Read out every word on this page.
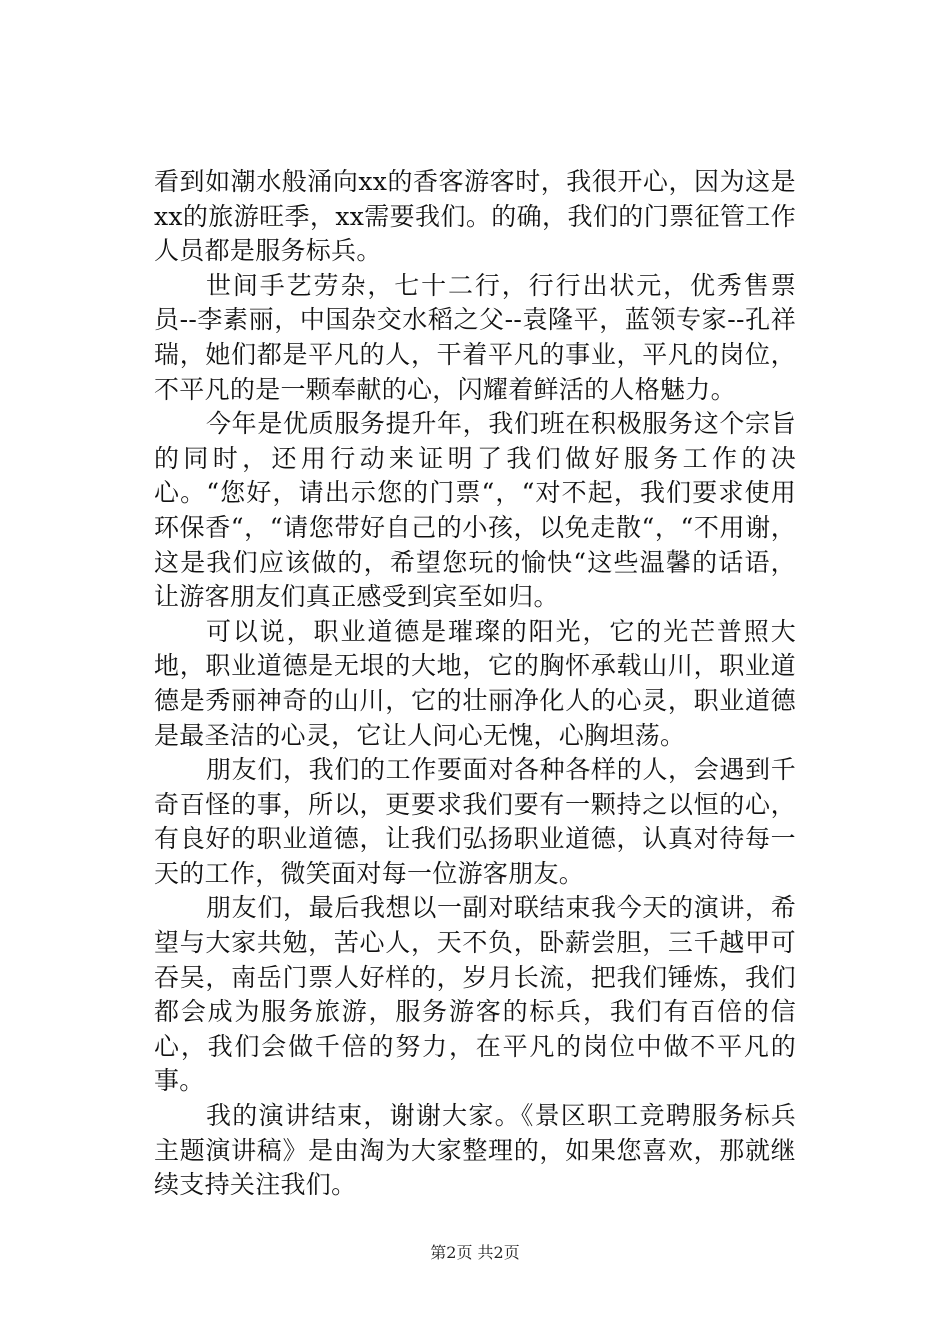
看到如潮水般涌向xx的香客游客时，我很开心，因为这是xx的旅游旺季，xx需要我们。的确，我们的门票征管工作人员都是服务标兵。

世间手艺劳杂，七十二行，行行出状元，优秀售票员--李素丽，中国杂交水稻之父--袁隆平，蓝领专家--孔祥瑞，她们都是平凡的人，干着平凡的事业，平凡的岗位，不平凡的是一颗奉献的心，闪耀着鲜活的人格魅力。

今年是优质服务提升年，我们班在积极服务这个宗旨的同时，还用行动来证明了我们做好服务工作的决心。“您好，请出示您的门票“，“对不起，我们要求使用环保香“，“请您带好自己的小孩，以免走散“，“不用谢，这是我们应该做的，希望您玩的愉快“这些温馨的话语，让游客朋友们真正感受到宾至如归。

可以说，职业道德是璀璨的阳光，它的光芒普照大地，职业道德是无垠的大地，它的胸怀承载山川，职业道德是秀丽神奇的山川，它的壮丽净化人的心灵，职业道德是最圣洁的心灵，它让人问心无愧，心胸坦荡。

朋友们，我们的工作要面对各种各样的人，会遇到千奇百怪的事，所以，更要求我们要有一颗持之以恒的心，有良好的职业道德，让我们弘扬职业道德，认真对待每一天的工作，微笑面对每一位游客朋友。

朋友们，最后我想以一副对联结束我今天的演讲，希望与大家共勉，苦心人，天不负，卧薪尝胆，三千越甲可吞吴，南岳门票人好样的，岁月长流，把我们锤炼，我们都会成为服务旅游，服务游客的标兵，我们有百倍的信心，我们会做千倍的努力，在平凡的岗位中做不平凡的事。

我的演讲结束，谢谢大家。《景区职工竞聘服务标兵主题演讲稿》是由淘为大家整理的，如果您喜欢，那就继续支持关注我们。

第2页 共2页
